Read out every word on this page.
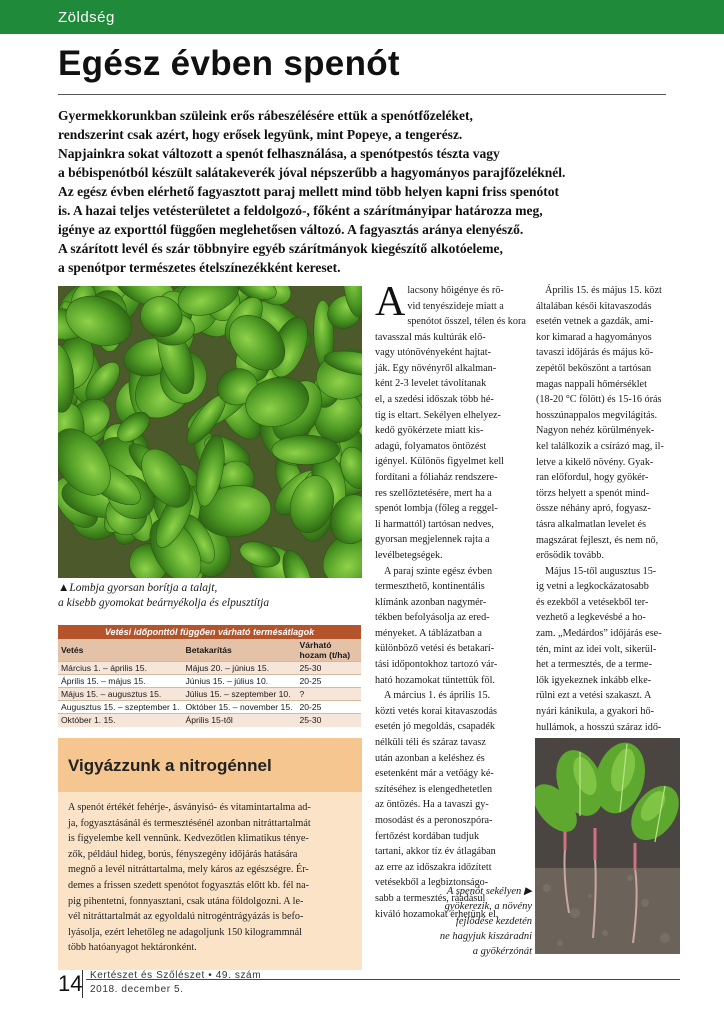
Zöldség
Egész évben spenót
Gyermekkorunkban szüleink erős rábeszélésére ettük a spenótfőzeléket,
rendszerint csak azért, hogy erősek legyünk, mint Popeye, a tengerész.
Napjainkra sokat változott a spenót felhasználása, a spenótpestós tészta vagy
a bébispenótból készült salátakeverék jóval népszerűbb a hagyományos parajfőzeléknél.
Az egész évben elérhető fagyasztott paraj mellett mind több helyen kapni friss spenótot
is. A hazai teljes vetésterületet a feldolgozó-, főként a szárítmányipar határozza meg,
igénye az exporttól függően meglehetősen változó. A fagyasztás aránya elenyésző.
A szárított levél és szár többnyire egyéb szárítmányok kiegészítő alkotóeleme,
a spenótpor természetes ételszínezékként kereset.
▲Lombja gyorsan borítja a talajt,
a kisebb gyomokat beárnyékolja és elpusztítja
Vetési időponttól függően várható termésátlagok
Vetés	Betakarítás	Várható hozam (t/ha)
Március 1. – április 15.	Május 20. – június 15.	25-30
Április 15. – május 15.	Június 15. – július 10.	20-25
Május 15. – augusztus 15.	Július 15. – szeptember 10.	?
Augusztus 15. – szeptember 1.	Október 15. – november 15.	20-25
Október 1. 15.	Április 15-től	25-30
Vigyázzunk a nitrogénnel
A spenót értékét fehérje-, ásványisó- és vitamintartalma ad-
ja, fogyasztásánál és termesztésénél azonban nitráttartalmát
is figyelembe kell vennünk. Kedvezőtlen klimatikus ténye-
zők, például hideg, borús, fényszegény időjárás hatására
megnő a levél nitráttartalma, mely káros az egészségre. Ér-
demes a frissen szedett spenótot fogyasztás előtt kb. fél na-
pig pihentetni, fonnyasztani, csak utána földolgozni. A le-
vél nitráttartalmát az egyoldalú nitrogéntrágyázás is befo-
lyásolja, ezért lehetőleg ne adagoljunk 150 kilogrammnál
több hatóanyagot hektáronként.
A lacsony hőigénye és rö-
vid tenyészideje miatt a
spenótot ősszel, télen és kora
tavasszal más kultúrák elő-
vagy utónövényeként hajtat-
ják. Egy növényről alkalman-
ként 2-3 levelet távolítanak
el, a szedési időszak több hé-
tig is eltart. Sekélyen elhelyez-
kedő gyökérzete miatt kis-
adagú, folyamatos öntözést
igényel. Különös figyelmet kell
fordítani a fóliaház rendszere-
res szellőztetésére, mert ha a
spenót lombja (főleg a reggel-
li harmattól) tartósan nedves,
gyorsan megjelennek rajta a
levélbetegségek.
A paraj szinte egész évben
termeszthető, kontinentális
klímánk azonban nagymér-
tékben befolyásolja az ered-
ményeket. A táblázatban a
különböző vetési és betakarí-
tási időpontokhoz tartozó vár-
ható hozamokat tüntettük föl.
A március 1. és április 15.
közti vetés korai kitavaszodás
esetén jó megoldás, csapadék
nélküli téli és száraz tavasz
után azonban a keléshez és
esetenként már a vetőágy ké-
szítéséhez is elengedhetetlen
az öntözés. Ha a tavaszi gy-
mosodást és a peronoszpóra-
fertőzést kordában tudjuk
tartani, akkor tíz év átlagában
az erre az időszakra időzített
vetésekből a legbiztonságo-
sabb a termesztés, ráadásul
kiváló hozamokat érhetünk el.
Április 15. és május 15. közt
általában késői kitavaszodás
esetén vetnek a gazdák, ami-
kor kimarad a hagyományos
tavaszi időjárás és május kö-
zepétől beköszönt a tartósan
magas nappali hőmérséklet
(18-20 °C fölött) és 15-16 órás
hosszúnappalos megvilágítás.
Nagyon nehéz körülmények-
kel találkozik a csírázó mag, il-
letve a kikelő növény. Gyak-
ran előfordul, hogy gyökér-
törzs helyett a spenót mind-
össze néhány apró, fogyasz-
tásra alkalmatlan levelet és
magszárat fejleszt, és nem nő,
erősödik tovább.
Május 15-től augusztus 15-
ig vetni a legkockázatosabb
és ezekből a vetésekből ter-
vezhető a legkevésbé a ho-
zam. „Medárdos” időjárás ese-
tén, mint az idei volt, sikerül-
het a termesztés, de a terme-
lők igyekeznek inkább elke-
rülni ezt a vetési szakaszt. A
nyári kánikula, a gyakori hő-
hullámok, a hosszú száraz idő-
A spenót sekélyen ▶
gyökerezik, a növény
fejlődése kezdetén
ne hagyjuk kiszáradni
a gyökérzónát
14 Kertészet és Szőlészet • 49. szám
2018. december 5.
